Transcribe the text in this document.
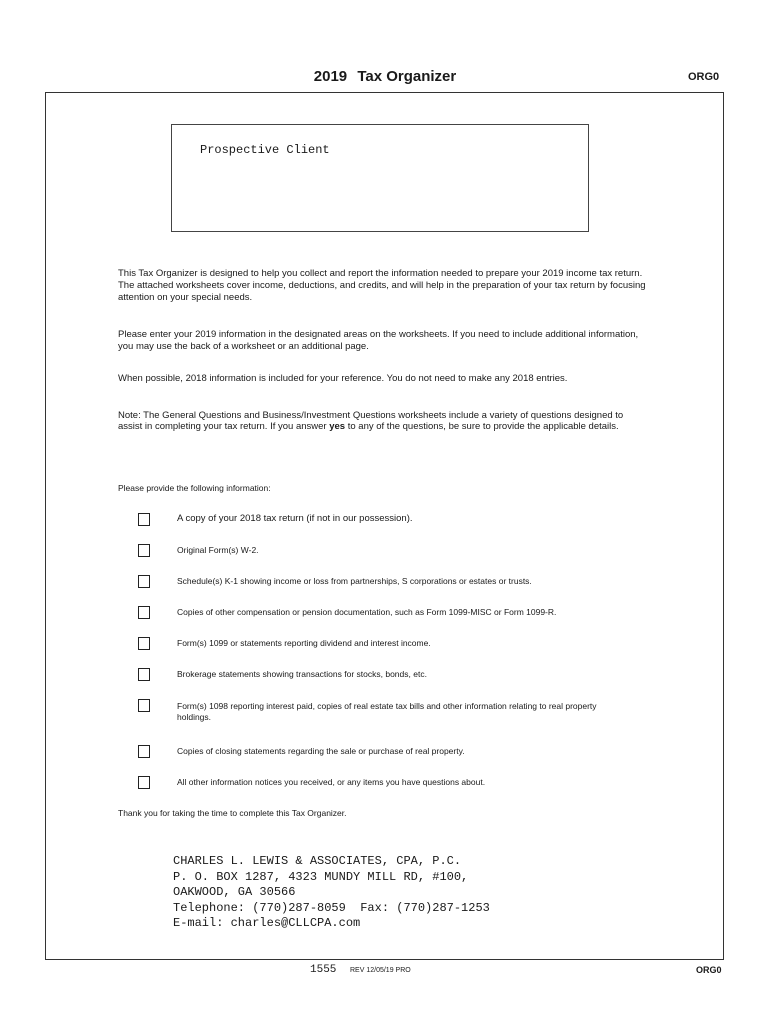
2019 Tax Organizer	ORG0
Prospective Client
This Tax Organizer is designed to help you collect and report the information needed to prepare your 2019 income tax return. The attached worksheets cover income, deductions, and credits, and will help in the preparation of your tax return by focusing attention on your special needs.
Please enter your 2019 information in the designated areas on the worksheets. If you need to include additional information, you may use the back of a worksheet or an additional page.
When possible, 2018 information is included for your reference. You do not need to make any 2018 entries.
Note: The General Questions and Business/Investment Questions worksheets include a variety of questions designed to assist in completing your tax return. If you answer yes to any of the questions, be sure to provide the applicable details.
Please provide the following information:
A copy of your 2018 tax return (if not in our possession).
Original Form(s) W-2.
Schedule(s) K-1 showing income or loss from partnerships, S corporations or estates or trusts.
Copies of other compensation or pension documentation, such as Form 1099-MISC or Form 1099-R.
Form(s) 1099 or statements reporting dividend and interest income.
Brokerage statements showing transactions for stocks, bonds, etc.
Form(s) 1098 reporting interest paid, copies of real estate tax bills and other information relating to real property holdings.
Copies of closing statements regarding the sale or purchase of real property.
All other information notices you received, or any items you have questions about.
Thank you for taking the time to complete this Tax Organizer.
CHARLES L. LEWIS & ASSOCIATES, CPA, P.C.
P. O. BOX 1287, 4323 MUNDY MILL RD, #100,
OAKWOOD, GA 30566
Telephone: (770)287-8059  Fax: (770)287-1253
E-mail: charles@CLLCPA.com
1555 REV 12/05/19 PRO	ORG0
